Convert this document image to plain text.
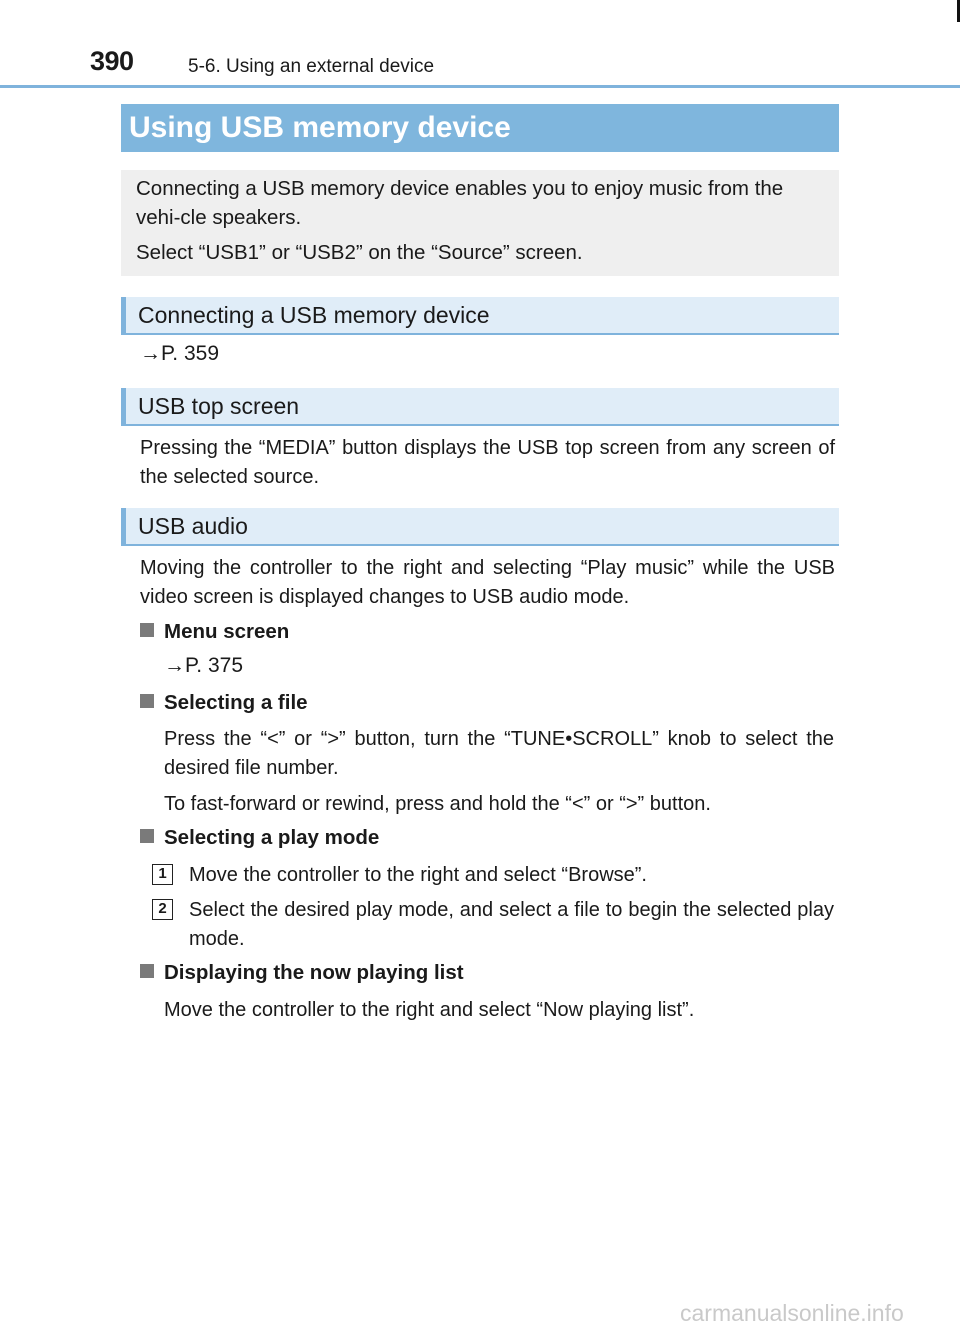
390	5-6. Using an external device
Using USB memory device

Connecting a USB memory device enables you to enjoy music from the vehi-cle speakers.

Select “USB1” or “USB2” on the “Source” screen.

Connecting a USB memory device
→P. 359
USB top screen
Pressing the “MEDIA” button displays the USB top screen from any screen of the selected source.
USB audio
Moving the controller to the right and selecting “Play music” while the USB video screen is displayed changes to USB audio mode.
Menu screen
→P. 375
Selecting a file
Press the “<” or “>” button, turn the “TUNE•SCROLL” knob to select the desired file number.
To fast-forward or rewind, press and hold the “<” or “>” button.
Selecting a play mode
1	Move the controller to the right and select “Browse”.
2	Select the desired play mode, and select a file to begin the selected play mode.
Displaying the now playing list
Move the controller to the right and select “Now playing list”.
carmanualsonline.info
